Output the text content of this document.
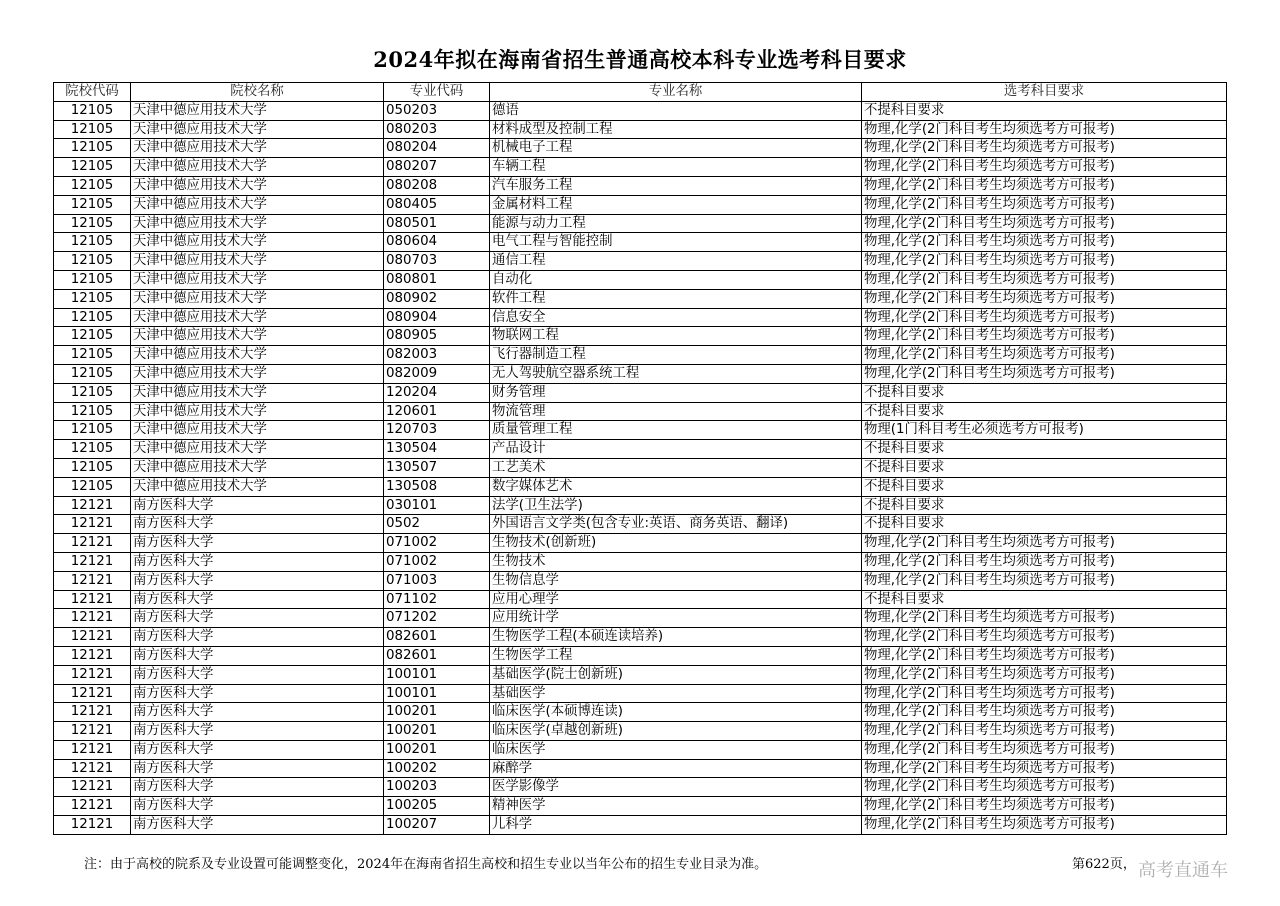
2024年拟在海南省招生普通高校本科专业选考科目要求
院校代码	院校名称	专业代码	专业名称	选考科目要求
12105	天津中德应用技术大学	050203	德语	不提科目要求
12105	天津中德应用技术大学	080203	材料成型及控制工程	物理,化学(2门科目考生均须选考方可报考)
12105	天津中德应用技术大学	080204	机械电子工程	物理,化学(2门科目考生均须选考方可报考)
12105	天津中德应用技术大学	080207	车辆工程	物理,化学(2门科目考生均须选考方可报考)
12105	天津中德应用技术大学	080208	汽车服务工程	物理,化学(2门科目考生均须选考方可报考)
12105	天津中德应用技术大学	080405	金属材料工程	物理,化学(2门科目考生均须选考方可报考)
12105	天津中德应用技术大学	080501	能源与动力工程	物理,化学(2门科目考生均须选考方可报考)
12105	天津中德应用技术大学	080604	电气工程与智能控制	物理,化学(2门科目考生均须选考方可报考)
12105	天津中德应用技术大学	080703	通信工程	物理,化学(2门科目考生均须选考方可报考)
12105	天津中德应用技术大学	080801	自动化	物理,化学(2门科目考生均须选考方可报考)
12105	天津中德应用技术大学	080902	软件工程	物理,化学(2门科目考生均须选考方可报考)
12105	天津中德应用技术大学	080904	信息安全	物理,化学(2门科目考生均须选考方可报考)
12105	天津中德应用技术大学	080905	物联网工程	物理,化学(2门科目考生均须选考方可报考)
12105	天津中德应用技术大学	082003	飞行器制造工程	物理,化学(2门科目考生均须选考方可报考)
12105	天津中德应用技术大学	082009	无人驾驶航空器系统工程	物理,化学(2门科目考生均须选考方可报考)
12105	天津中德应用技术大学	120204	财务管理	不提科目要求
12105	天津中德应用技术大学	120601	物流管理	不提科目要求
12105	天津中德应用技术大学	120703	质量管理工程	物理(1门科目考生必须选考方可报考)
12105	天津中德应用技术大学	130504	产品设计	不提科目要求
12105	天津中德应用技术大学	130507	工艺美术	不提科目要求
12105	天津中德应用技术大学	130508	数字媒体艺术	不提科目要求
12121	南方医科大学	030101	法学(卫生法学)	不提科目要求
12121	南方医科大学	0502	外国语言文学类(包含专业:英语、商务英语、翻译)	不提科目要求
12121	南方医科大学	071002	生物技术(创新班)	物理,化学(2门科目考生均须选考方可报考)
12121	南方医科大学	071002	生物技术	物理,化学(2门科目考生均须选考方可报考)
12121	南方医科大学	071003	生物信息学	物理,化学(2门科目考生均须选考方可报考)
12121	南方医科大学	071102	应用心理学	不提科目要求
12121	南方医科大学	071202	应用统计学	物理,化学(2门科目考生均须选考方可报考)
12121	南方医科大学	082601	生物医学工程(本硕连读培养)	物理,化学(2门科目考生均须选考方可报考)
12121	南方医科大学	082601	生物医学工程	物理,化学(2门科目考生均须选考方可报考)
12121	南方医科大学	100101	基础医学(院士创新班)	物理,化学(2门科目考生均须选考方可报考)
12121	南方医科大学	100101	基础医学	物理,化学(2门科目考生均须选考方可报考)
12121	南方医科大学	100201	临床医学(本硕博连读)	物理,化学(2门科目考生均须选考方可报考)
12121	南方医科大学	100201	临床医学(卓越创新班)	物理,化学(2门科目考生均须选考方可报考)
12121	南方医科大学	100201	临床医学	物理,化学(2门科目考生均须选考方可报考)
12121	南方医科大学	100202	麻醉学	物理,化学(2门科目考生均须选考方可报考)
12121	南方医科大学	100203	医学影像学	物理,化学(2门科目考生均须选考方可报考)
12121	南方医科大学	100205	精神医学	物理,化学(2门科目考生均须选考方可报考)
12121	南方医科大学	100207	儿科学	物理,化学(2门科目考生均须选考方可报考)
注：由于高校的院系及专业设置可能调整变化，2024年在海南省招生高校和招生专业以当年公布的招生专业目录为准。	第622页， 高考直通车
